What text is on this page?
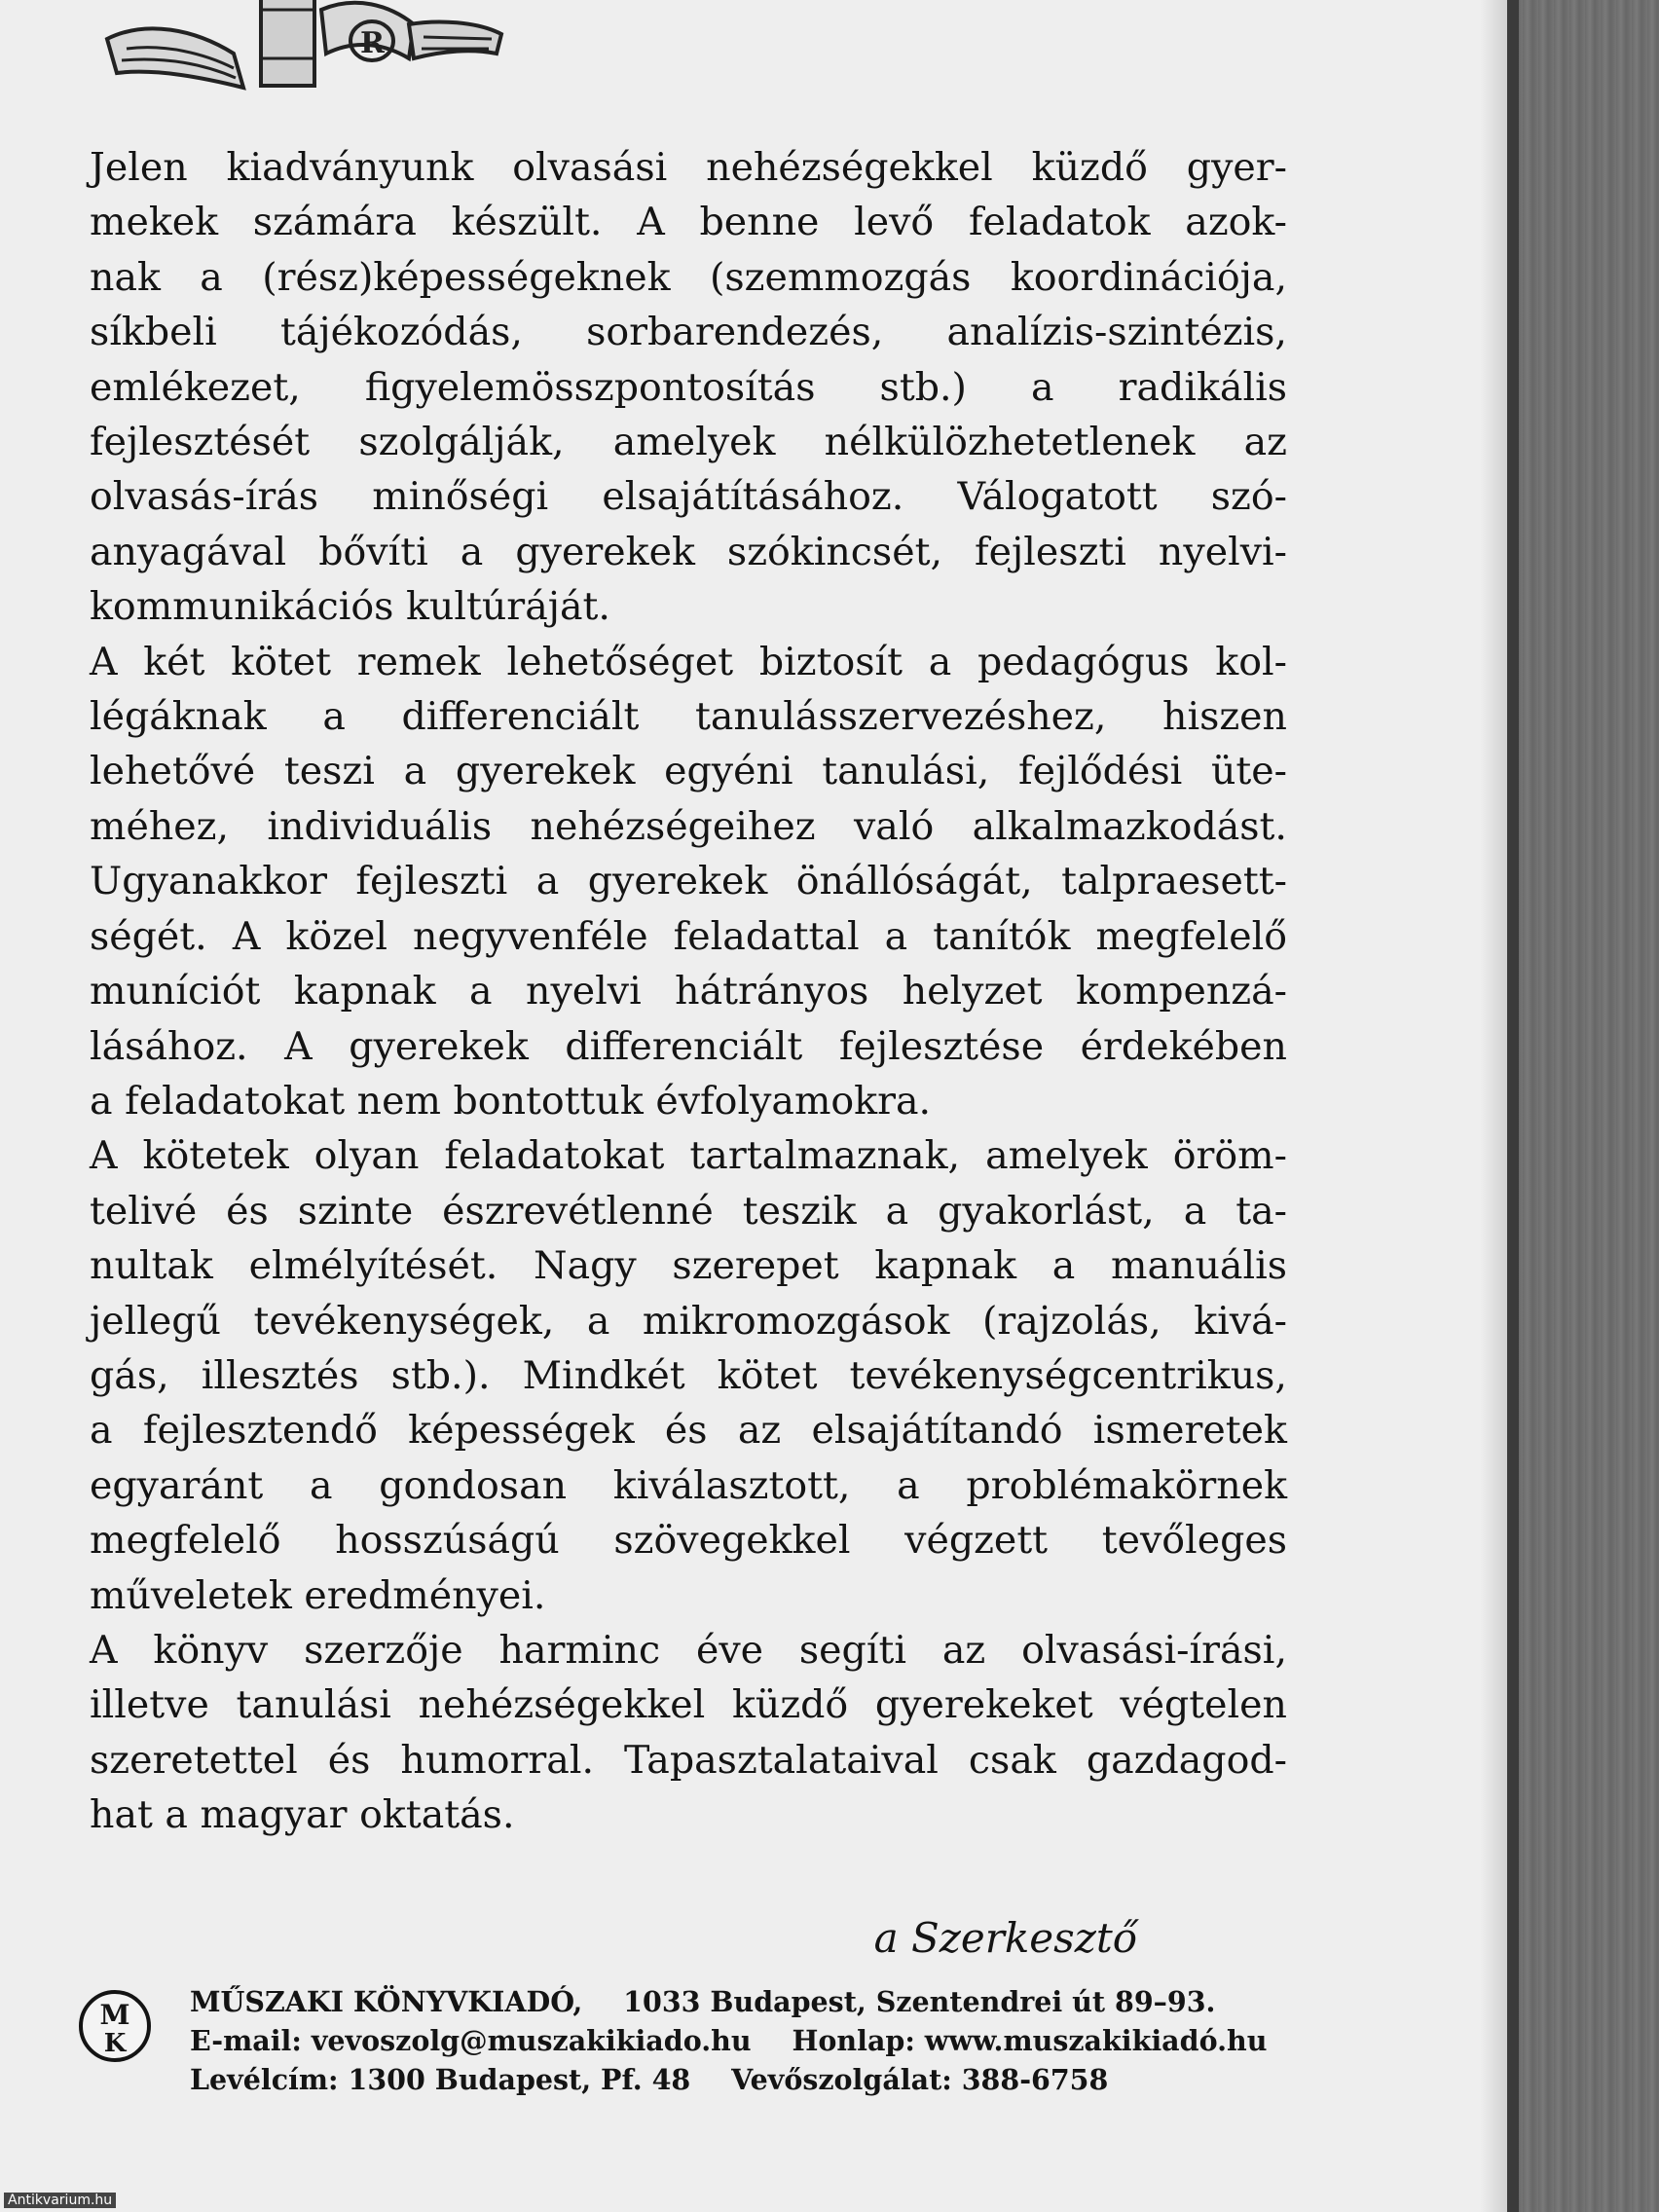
R

Jelen kiadványunk olvasási nehézségekkel küzdő gyer-
mekek számára készült. A benne levő feladatok azok-
nak a (rész)képességeknek (szemmozgás koordinációja,
síkbeli tájékozódás, sorbarendezés, analízis-szintézis,
emlékezet, figyelemösszpontosítás stb.) a radikális
fejlesztését szolgálják, amelyek nélkülözhetetlenek az
olvasás-írás minőségi elsajátításához. Válogatott szó-
anyagával bővíti a gyerekek szókincsét, fejleszti nyelvi-
kommunikációs kultúráját.

A két kötet remek lehetőséget biztosít a pedagógus kol-
légáknak a differenciált tanulásszervezéshez, hiszen
lehetővé teszi a gyerekek egyéni tanulási, fejlődési üte-
méhez, individuális nehézségeihez való alkalmazkodást.
Ugyanakkor fejleszti a gyerekek önállóságát, talpraesett-
ségét. A közel negyvenféle feladattal a tanítók megfelelő
muníciót kapnak a nyelvi hátrányos helyzet kompenzá-
lásához. A gyerekek differenciált fejlesztése érdekében
a feladatokat nem bontottuk évfolyamokra.

A kötetek olyan feladatokat tartalmaznak, amelyek öröm-
telivé és szinte észrevétlenné teszik a gyakorlást, a ta-
nultak elmélyítését. Nagy szerepet kapnak a manuális
jellegű tevékenységek, a mikromozgások (rajzolás, kivá-
gás, illesztés stb.). Mindkét kötet tevékenységcentrikus,
a fejlesztendő képességek és az elsajátítandó ismeretek
egyaránt a gondosan kiválasztott, a problémakörnek
megfelelő hosszúságú szövegekkel végzett tevőleges
műveletek eredményei.

A könyv szerzője harminc éve segíti az olvasási-írási,
illetve tanulási nehézségekkel küzdő gyerekeket végtelen
szeretettel és humorral. Tapasztalataival csak gazdagod-
hat a magyar oktatás.

a Szerkesztő
M
K
MŰSZAKI KÖNYVKIADÓ, 1033 Budapest, Szentendrei út 89–93.
E-mail: vevoszolg@muszakikiado.hu Honlap: www.muszakikiadó.hu
Levélcím: 1300 Budapest, Pf. 48 Vevőszolgálat: 388-6758
Antikvarium.hu
